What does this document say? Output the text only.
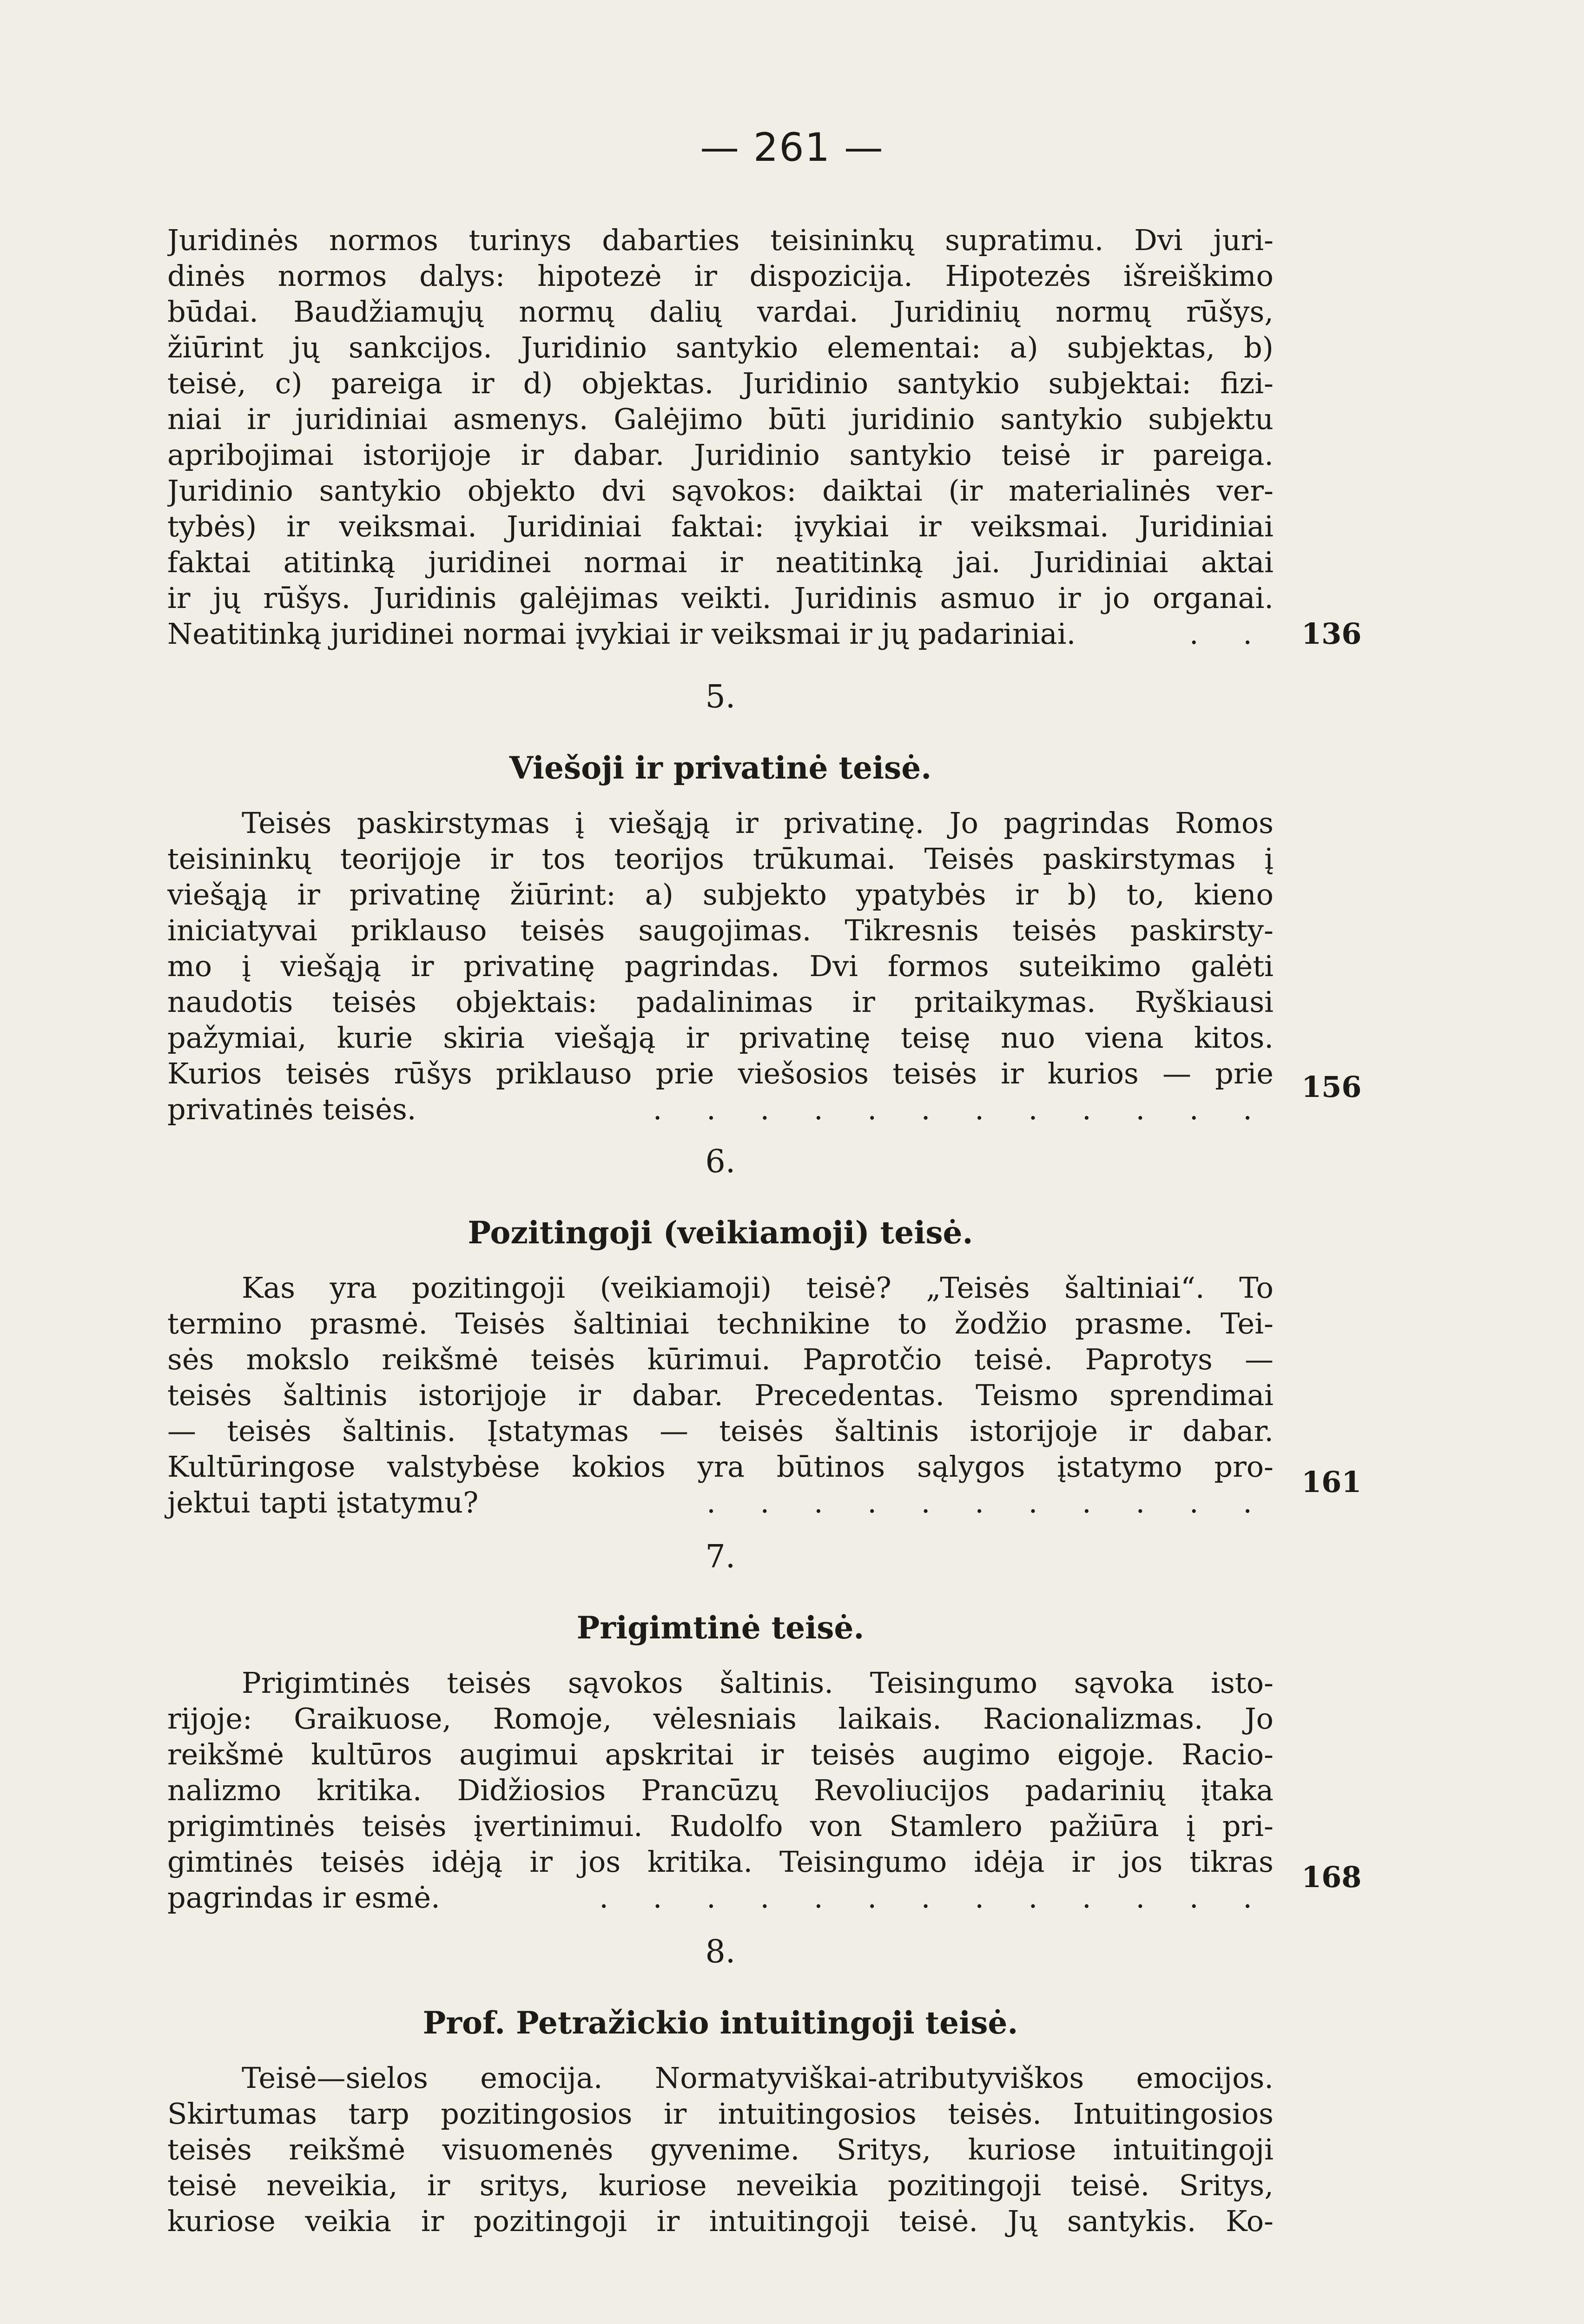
— 261 —
Juridinės normos turinys dabarties teisininkų supratimu. Dvi juri-
dinės normos dalys: hipotezė ir dispozicija. Hipotezės išreiškimo
būdai. Baudžiamųjų normų dalių vardai. Juridinių normų rūšys,
žiūrint jų sankcijos. Juridinio santykio elementai: a) subjektas, b)
teisė, c) pareiga ir d) objektas. Juridinio santykio subjektai: fizi-
niai ir juridiniai asmenys. Galėjimo būti juridinio santykio subjektu
apribojimai istorijoje ir dabar. Juridinio santykio teisė ir pareiga.
Juridinio santykio objekto dvi sąvokos: daiktai (ir materialinės ver-
tybės) ir veiksmai. Juridiniai faktai: įvykiai ir veiksmai. Juridiniai
faktai atitinką juridinei normai ir neatitinką jai. Juridiniai aktai
ir jų rūšys. Juridinis galėjimas veikti. Juridinis asmuo ir jo organai.
Neatitinką juridinei normai įvykiai ir veiksmai ir jų padariniai.	. . 136
5.
Viešoji ir privatinė teisė.
Teisės paskirstymas į viešąją ir privatinę. Jo pagrindas Romos
teisininkų teorijoje ir tos teorijos trūkumai. Teisės paskirstymas į
viešąją ir privatinę žiūrint: a) subjekto ypatybės ir b) to, kieno
iniciatyvai priklauso teisės saugojimas. Tikresnis teisės paskirsty-
mo į viešąją ir privatinę pagrindas. Dvi formos suteikimo galėti
naudotis teisės objektais: padalinimas ir pritaikymas. Ryškiausi
pažymiai, kurie skiria viešąją ir privatinę teisę nuo viena kitos.
Kurios teisės rūšys priklauso prie viešosios teisės ir kurios — prie
privatinės teisės.	. . . . . . . . . . . .
156
6.
Pozitingoji (veikiamoji) teisė.
Kas yra pozitingoji (veikiamoji) teisė? „Teisės šaltiniai“. To
termino prasmė. Teisės šaltiniai technikine to žodžio prasme. Tei-
sės mokslo reikšmė teisės kūrimui. Paprotčio teisė. Paprotys —
teisės šaltinis istorijoje ir dabar. Precedentas. Teismo sprendimai
— teisės šaltinis. Įstatymas — teisės šaltinis istorijoje ir dabar.
Kultūringose valstybėse kokios yra būtinos sąlygos įstatymo pro-
jektui tapti įstatymu?	. . . . . . . . . . .
161
7.
Prigimtinė teisė.
Prigimtinės teisės sąvokos šaltinis. Teisingumo sąvoka isto-
rijoje: Graikuose, Romoje, vėlesniais laikais. Racionalizmas. Jo
reikšmė kultūros augimui apskritai ir teisės augimo eigoje. Racio-
nalizmo kritika. Didžiosios Prancūzų Revoliucijos padarinių įtaka
prigimtinės teisės įvertinimui. Rudolfo von Stamlero pažiūra į pri-
gimtinės teisės idėją ir jos kritika. Teisingumo idėja ir jos tikras
pagrindas ir esmė.	. . . . . . . . . . . . .
168
8.
Prof. Petražickio intuitingoji teisė.
Teisė—sielos emocija. Normatyviškai-atributyviškos emocijos.
Skirtumas tarp pozitingosios ir intuitingosios teisės. Intuitingosios
teisės reikšmė visuomenės gyvenime. Sritys, kuriose intuitingoji
teisė neveikia, ir sritys, kuriose neveikia pozitingoji teisė. Sritys,
kuriose veikia ir pozitingoji ir intuitingoji teisė. Jų santykis. Ko-
